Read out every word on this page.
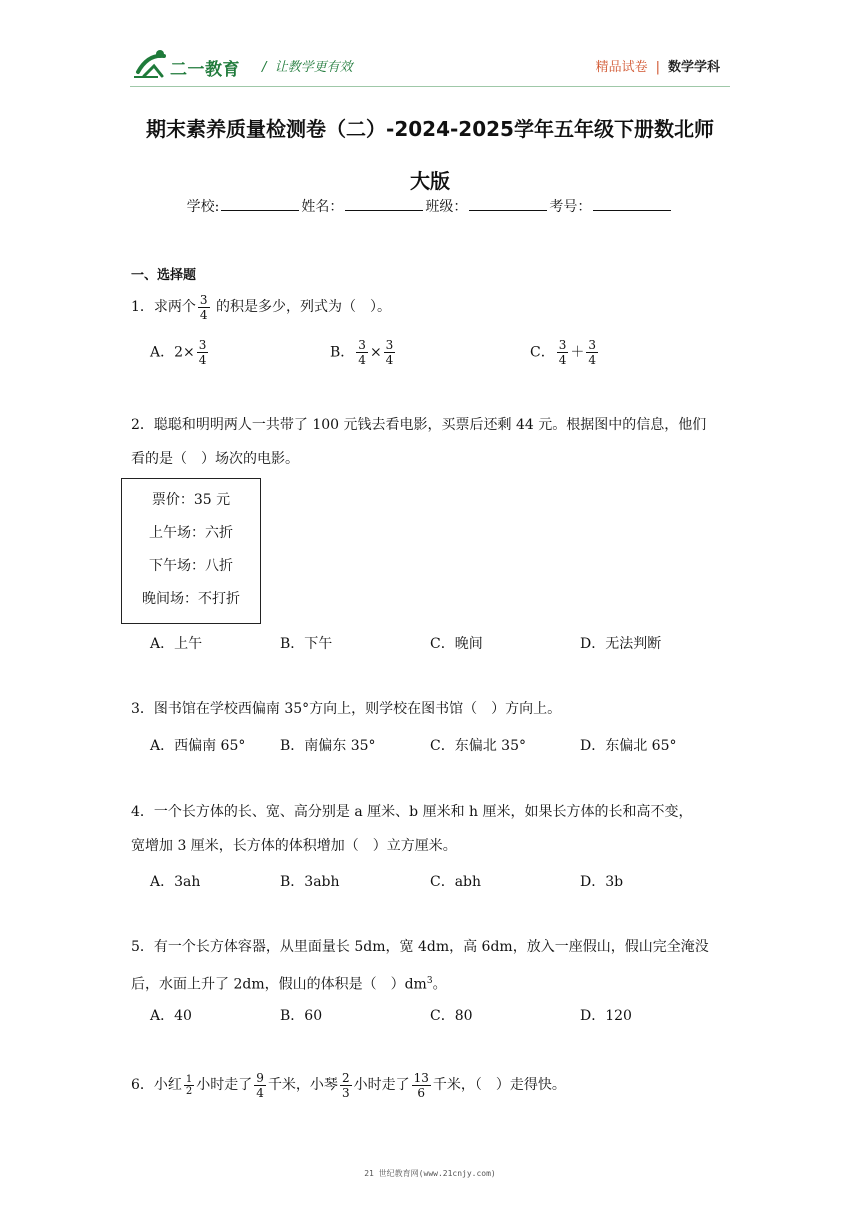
二一教育 /  让教学更有效	精品试卷 | 数学学科
期末素养质量检测卷（二）-2024-2025学年五年级下册数北师
大版
学校:	姓名：	班级：	考号：
一、选择题
1．求两个 $\frac{3}{4}$ 的积是多少，列式为（　）。
A．$2\times \frac{3}{4}$	B． $\frac{3}{4} \times \frac{3}{4}$	C． $\frac{3}{4} + \frac{3}{4}$
2．聪聪和明明两人一共带了 100 元钱去看电影，买票后还剩 44 元。根据图中的信息，他们
看的是（　）场次的电影。
票价：35 元
上午场：六折
下午场：八折
晚间场：不打折
A．上午	B．下午	C．晚间	D．无法判断
3．图书馆在学校西偏南 35°方向上，则学校在图书馆（　）方向上。
A．西偏南 65° B．南偏东 35°	C．东偏北 35°	D．东偏北 65°
4．一个长方体的长、宽、高分别是 a 厘米、b 厘米和 h 厘米，如果长方体的长和高不变，
宽增加 3 厘米，长方体的体积增加（　）立方厘米。
A．3ah	B．3abh	C．abh	D．3b
5．有一个长方体容器，从里面量长 5dm，宽 4dm，高 6dm，放入一座假山，假山完全淹没
后，水面上升了 2dm，假山的体积是（　）$dm^3$。
A．40	B．60	C．80	D．120
6．小红 $\frac{1}{2}$ 小时走了 $\frac{9}{4}$ 千米，小琴 $\frac{2}{3}$ 小时走了 $\frac{13}{6}$ 千米，（　）走得快。
21 世纪教育网(www.21cnjy.com)
